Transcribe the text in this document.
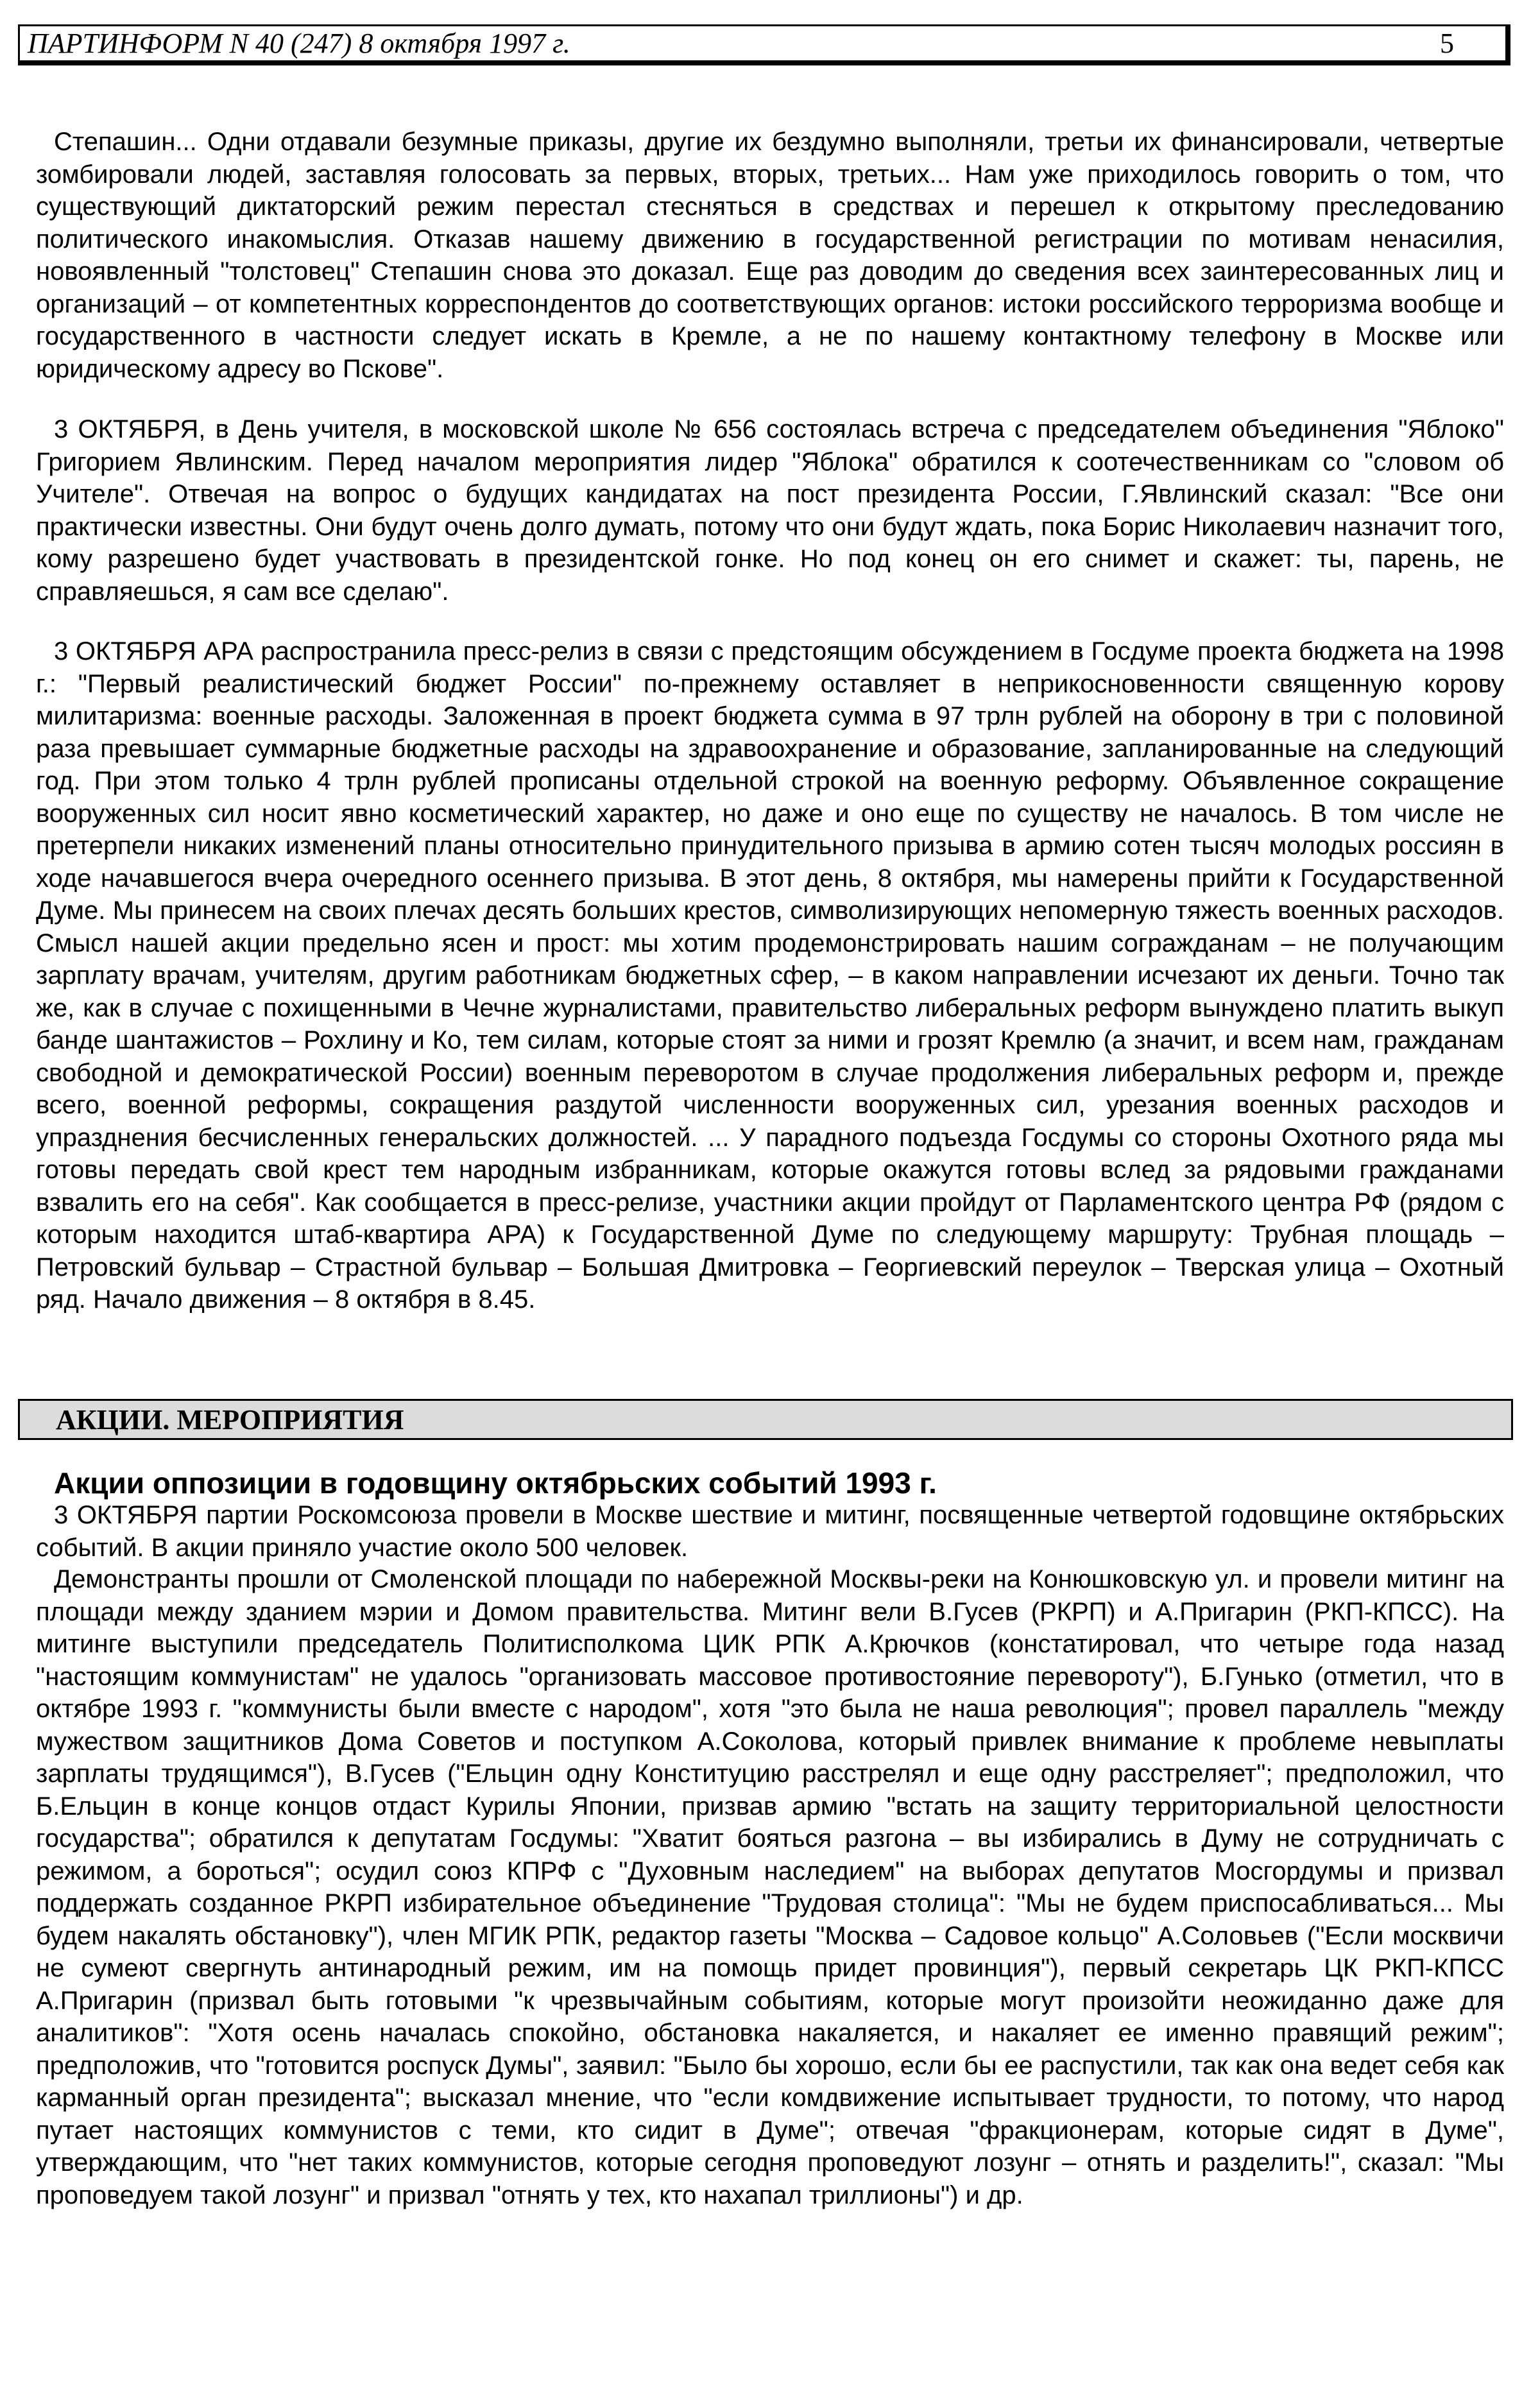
ПАРТИНФОРМ N 40 (247) 8 октября 1997 г.	5

Степашин... Одни отдавали безумные приказы, другие их бездумно выполняли, третьи их финансировали, четвертые зомбировали людей, заставляя голосовать за первых, вторых, третьих... Нам уже приходилось говорить о том, что существующий диктаторский режим перестал стесняться в средствах и перешел к открытому преследованию политического инакомыслия. Отказав нашему движению в государственной регистрации по мотивам ненасилия, новоявленный "толстовец" Степашин снова это доказал. Еще раз доводим до сведения всех заинтересованных лиц и организаций – от компетентных корреспондентов до соответствующих органов: истоки российского терроризма вообще и государственного в частности следует искать в Кремле, а не по нашему контактному телефону в Москве или юридическому адресу во Пскове".

3 ОКТЯБРЯ, в День учителя, в московской школе № 656 состоялась встреча с председателем объединения "Яблоко" Григорием Явлинским. Перед началом мероприятия лидер "Яблока" обратился к соотечественникам со "словом об Учителе". Отвечая на вопрос о будущих кандидатах на пост президента России, Г.Явлинский сказал: "Все они практически известны. Они будут очень долго думать, потому что они будут ждать, пока Борис Николаевич назначит того, кому разрешено будет участвовать в президентской гонке. Но под конец он его снимет и скажет: ты, парень, не справляешься, я сам все сделаю".

3 ОКТЯБРЯ АРА распространила пресс-релиз в связи с предстоящим обсуждением в Госдуме проекта бюджета на 1998 г.: "Первый реалистический бюджет России" по-прежнему оставляет в неприкосновенности священную корову милитаризма: военные расходы. Заложенная в проект бюджета сумма в 97 трлн рублей на оборону в три с половиной раза превышает суммарные бюджетные расходы на здравоохранение и образование, запланированные на следующий год. При этом только 4 трлн рублей прописаны отдельной строкой на военную реформу. Объявленное сокращение вооруженных сил носит явно косметический характер, но даже и оно еще по существу не началось. В том числе не претерпели никаких изменений планы относительно принудительного призыва в армию сотен тысяч молодых россиян в ходе начавшегося вчера очередного осеннего призыва. В этот день, 8 октября, мы намерены прийти к Государственной Думе. Мы принесем на своих плечах десять больших крестов, символизирующих непомерную тяжесть военных расходов. Смысл нашей акции предельно ясен и прост: мы хотим продемонстрировать нашим согражданам – не получающим зарплату врачам, учителям, другим работникам бюджетных сфер, – в каком направлении исчезают их деньги. Точно так же, как в случае с похищенными в Чечне журналистами, правительство либеральных реформ вынуждено платить выкуп банде шантажистов – Рохлину и Ко, тем силам, которые стоят за ними и грозят Кремлю (а значит, и всем нам, гражданам свободной и демократической России) военным переворотом в случае продолжения либеральных реформ и, прежде всего, военной реформы, сокращения раздутой численности вооруженных сил, урезания военных расходов и упразднения бесчисленных генеральских должностей. ... У парадного подъезда Госдумы со стороны Охотного ряда мы готовы передать свой крест тем народным избранникам, которые окажутся готовы вслед за рядовыми гражданами взвалить его на себя". Как сообщается в пресс-релизе, участники акции пройдут от Парламентского центра РФ (рядом с которым находится штаб-квартира АРА) к Государственной Думе по следующему маршруту: Трубная площадь – Петровский бульвар – Страстной бульвар – Большая Дмитровка – Георгиевский переулок – Тверская улица – Охотный ряд. Начало движения – 8 октября в 8.45.

АКЦИИ. МЕРОПРИЯТИЯ
Акции оппозиции в годовщину октябрьских событий 1993 г.

3 ОКТЯБРЯ партии Роскомсоюза провели в Москве шествие и митинг, посвященные четвертой годовщине октябрьских событий. В акции приняло участие около 500 человек.

Демонстранты прошли от Смоленской площади по набережной Москвы-реки на Конюшковскую ул. и провели митинг на площади между зданием мэрии и Домом правительства. Митинг вели В.Гусев (РКРП) и А.Пригарин (РКП-КПСС). На митинге выступили председатель Политисполкома ЦИК РПК А.Крючков (констатировал, что четыре года назад "настоящим коммунистам" не удалось "организовать массовое противостояние перевороту"), Б.Гунько (отметил, что в октябре 1993 г. "коммунисты были вместе с народом", хотя "это была не наша революция"; провел параллель "между мужеством защитников Дома Советов и поступком А.Соколова, который привлек внимание к проблеме невыплаты зарплаты трудящимся"), В.Гусев ("Ельцин одну Конституцию расстрелял и еще одну расстреляет"; предположил, что Б.Ельцин в конце концов отдаст Курилы Японии, призвав армию "встать на защиту территориальной целостности государства"; обратился к депутатам Госдумы: "Хватит бояться разгона – вы избирались в Думу не сотрудничать с режимом, а бороться"; осудил союз КПРФ с "Духовным наследием" на выборах депутатов Мосгордумы и призвал поддержать созданное РКРП избирательное объединение "Трудовая столица": "Мы не будем приспосабливаться... Мы будем накалять обстановку"), член МГИК РПК, редактор газеты "Москва – Садовое кольцо" А.Соловьев ("Если москвичи не сумеют свергнуть антинародный режим, им на помощь придет провинция"), первый секретарь ЦК РКП-КПСС А.Пригарин (призвал быть готовыми "к чрезвычайным событиям, которые могут произойти неожиданно даже для аналитиков": "Хотя осень началась спокойно, обстановка накаляется, и накаляет ее именно правящий режим"; предположив, что "готовится роспуск Думы", заявил: "Было бы хорошо, если бы ее распустили, так как она ведет себя как карманный орган президента"; высказал мнение, что "если комдвижение испытывает трудности, то потому, что народ путает настоящих коммунистов с теми, кто сидит в Думе"; отвечая "фракционерам, которые сидят в Думе", утверждающим, что "нет таких коммунистов, которые сегодня проповедуют лозунг – отнять и разделить!", сказал: "Мы проповедуем такой лозунг" и призвал "отнять у тех, кто нахапал триллионы") и др.
